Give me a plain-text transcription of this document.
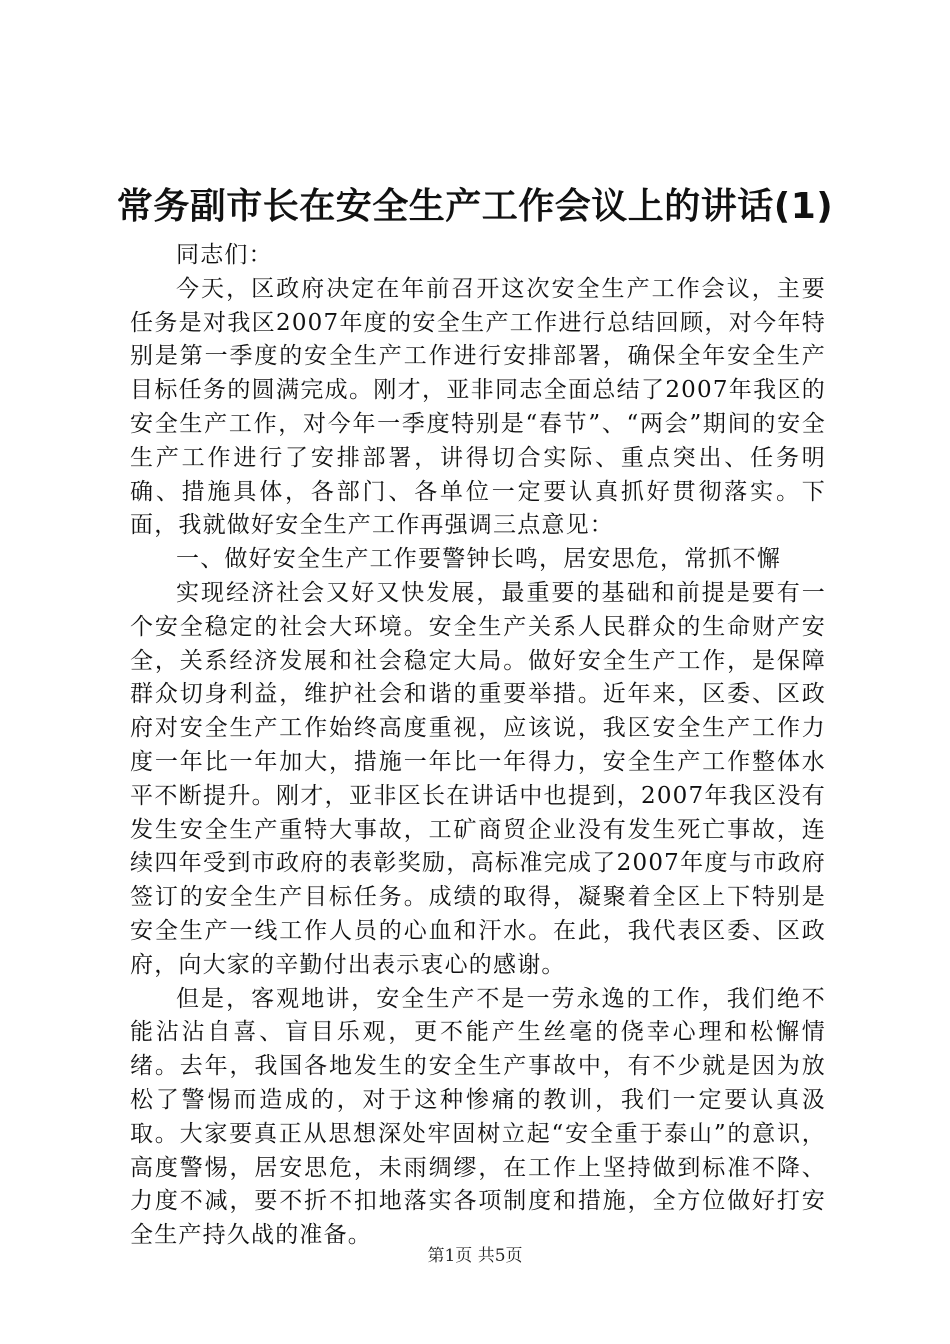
常务副市长在安全生产工作会议上的讲话(1)

同志们：

今天，区政府决定在年前召开这次安全生产工作会议，主要任务是对我区2007年度的安全生产工作进行总结回顾，对今年特别是第一季度的安全生产工作进行安排部署，确保全年安全生产目标任务的圆满完成。刚才，亚非同志全面总结了2007年我区的安全生产工作，对今年一季度特别是“春节”、“两会”期间的安全生产工作进行了安排部署，讲得切合实际、重点突出、任务明确、措施具体，各部门、各单位一定要认真抓好贯彻落实。下面，我就做好安全生产工作再强调三点意见：

一、做好安全生产工作要警钟长鸣，居安思危，常抓不懈

实现经济社会又好又快发展，最重要的基础和前提是要有一个安全稳定的社会大环境。安全生产关系人民群众的生命财产安全，关系经济发展和社会稳定大局。做好安全生产工作，是保障群众切身利益，维护社会和谐的重要举措。近年来，区委、区政府对安全生产工作始终高度重视，应该说，我区安全生产工作力度一年比一年加大，措施一年比一年得力，安全生产工作整体水平不断提升。刚才，亚非区长在讲话中也提到，2007年我区没有发生安全生产重特大事故，工矿商贸企业没有发生死亡事故，连续四年受到市政府的表彰奖励，高标准完成了2007年度与市政府签订的安全生产目标任务。成绩的取得，凝聚着全区上下特别是安全生产一线工作人员的心血和汗水。在此，我代表区委、区政府，向大家的辛勤付出表示衷心的感谢。

但是，客观地讲，安全生产不是一劳永逸的工作，我们绝不能沾沾自喜、盲目乐观，更不能产生丝毫的侥幸心理和松懈情绪。去年，我国各地发生的安全生产事故中，有不少就是因为放松了警惕而造成的，对于这种惨痛的教训，我们一定要认真汲取。大家要真正从思想深处牢固树立起“安全重于泰山”的意识，高度警惕，居安思危，未雨绸缪，在工作上坚持做到标准不降、力度不减，要不折不扣地落实各项制度和措施，全方位做好打安全生产持久战的准备。

第1页 共5页
